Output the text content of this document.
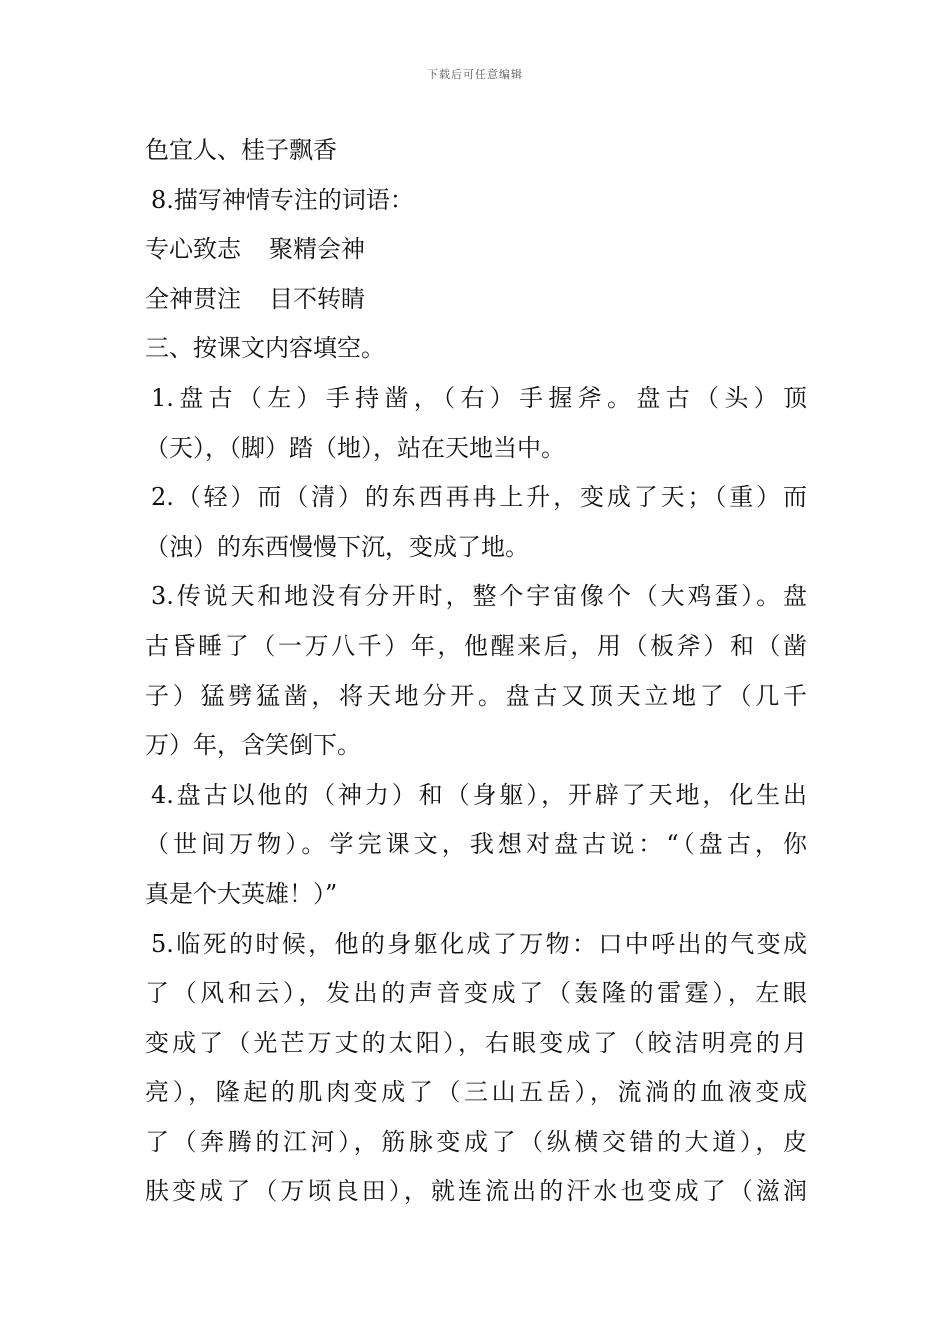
下载后可任意编辑
色宜人、桂子飘香
8.描写神情专注的词语：
专心致志 聚精会神
全神贯注 目不转睛
三、按课文内容填空。
1.盘古（左）手持凿，（右）手握斧。盘古（头）顶
（天），（脚）踏（地），站在天地当中。
2.（轻）而（清）的东西再冉上升，变成了天；（重）而
（浊）的东西慢慢下沉，变成了地。
3.传说天和地没有分开时，整个宇宙像个（大鸡蛋）。盘
古昏睡了（一万八千）年，他醒来后，用（板斧）和（凿
子）猛劈猛凿，将天地分开。盘古又顶天立地了（几千
万）年，含笑倒下。
4.盘古以他的（神力）和（身躯），开辟了天地，化生出
（世间万物）。学完课文，我想对盘古说：“（盘古，你
真是个大英雄！）”
5.临死的时候，他的身躯化成了万物：口中呼出的气变成
了（风和云），发出的声音变成了（轰隆的雷霆），左眼
变成了（光芒万丈的太阳），右眼变成了（皎洁明亮的月
亮），隆起的肌肉变成了（三山五岳），流淌的血液变成
了（奔腾的江河），筋脉变成了（纵横交错的大道），皮
肤变成了（万顷良田），就连流出的汗水也变成了（滋润
